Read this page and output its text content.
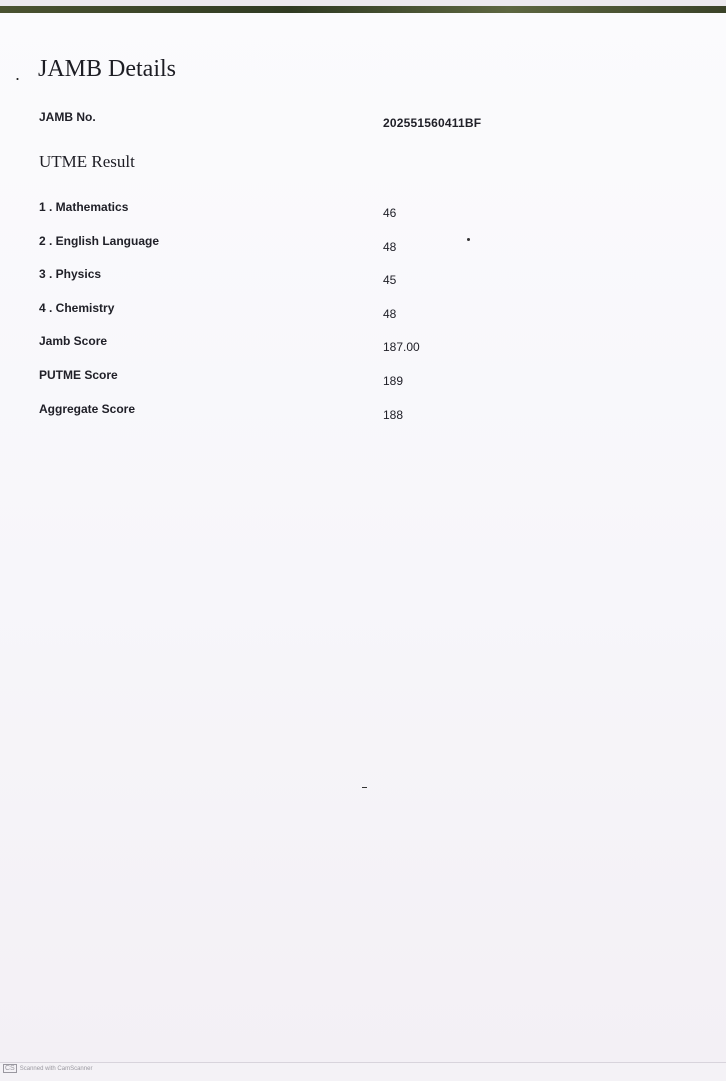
. JAMB Details
JAMB No.	202551560411BF
UTME Result
1 . Mathematics	46
2 . English Language	48
3 . Physics	45
4 . Chemistry	48
Jamb Score	187.00
PUTME Score	189
Aggregate Score	188
CS Scanned with CamScanner
